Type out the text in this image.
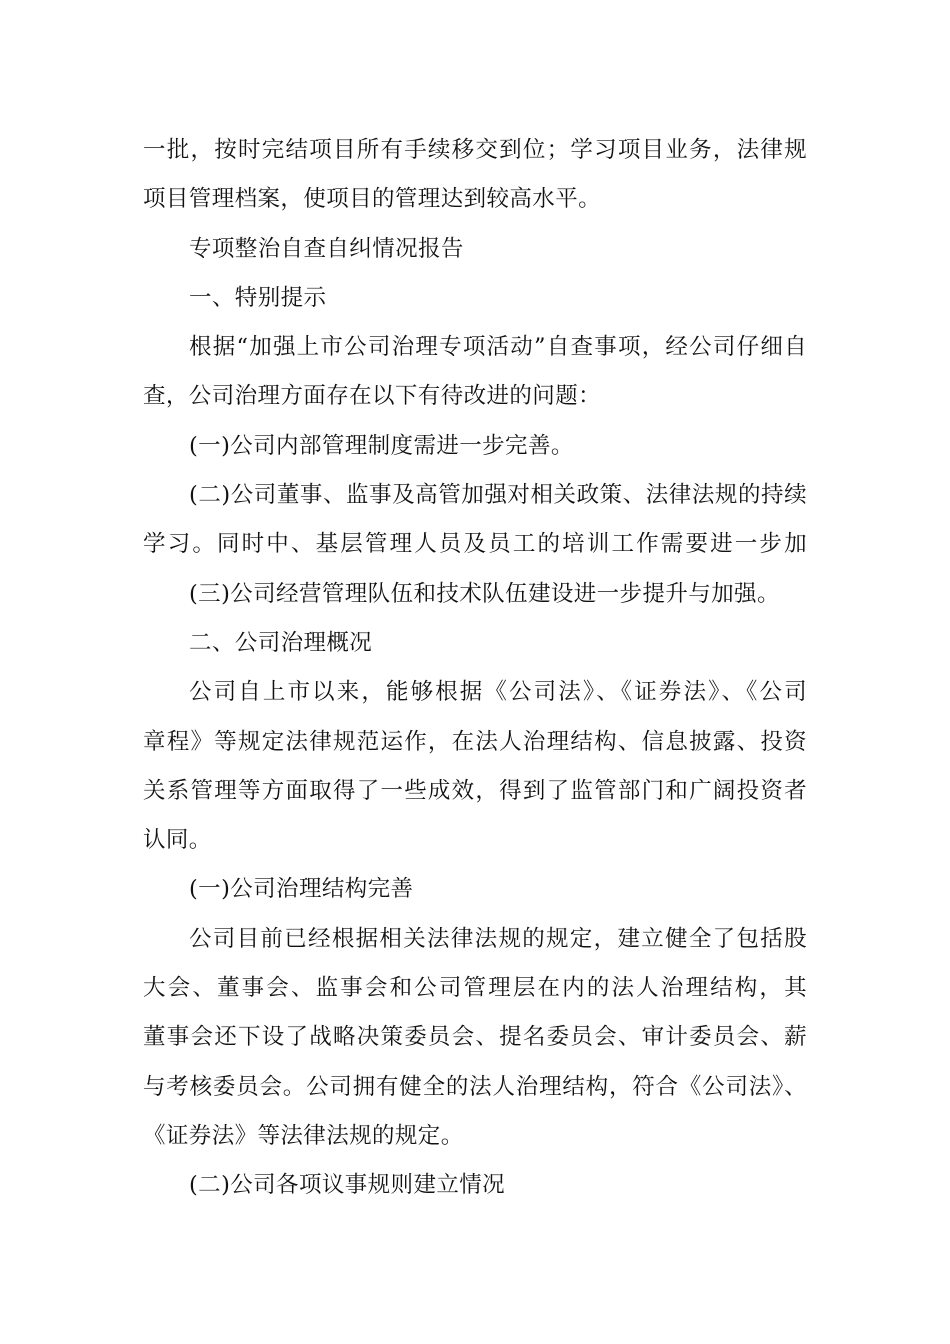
一批，按时完结项目所有手续移交到位；学习项目业务，法律规
项目管理档案，使项目的管理达到较高水平。
专项整治自查自纠情况报告
一、特别提示
根据“加强上市公司治理专项活动”自查事项，经公司仔细自
查，公司治理方面存在以下有待改进的问题：
(一)公司内部管理制度需进一步完善。
(二)公司董事、监事及高管加强对相关政策、法律法规的持续
学习。同时中、基层管理人员及员工的培训工作需要进一步加
(三)公司经营管理队伍和技术队伍建设进一步提升与加强。
二、公司治理概况
公司自上市以来，能够根据《公司法》、《证券法》、《公司
章程》等规定法律规范运作，在法人治理结构、信息披露、投资
关系管理等方面取得了一些成效，得到了监管部门和广阔投资者
认同。
(一)公司治理结构完善
公司目前已经根据相关法律法规的规定，建立健全了包括股
大会、董事会、监事会和公司管理层在内的法人治理结构，其
董事会还下设了战略决策委员会、提名委员会、审计委员会、薪
与考核委员会。公司拥有健全的法人治理结构，符合《公司法》、
《证券法》等法律法规的规定。
(二)公司各项议事规则建立情况
